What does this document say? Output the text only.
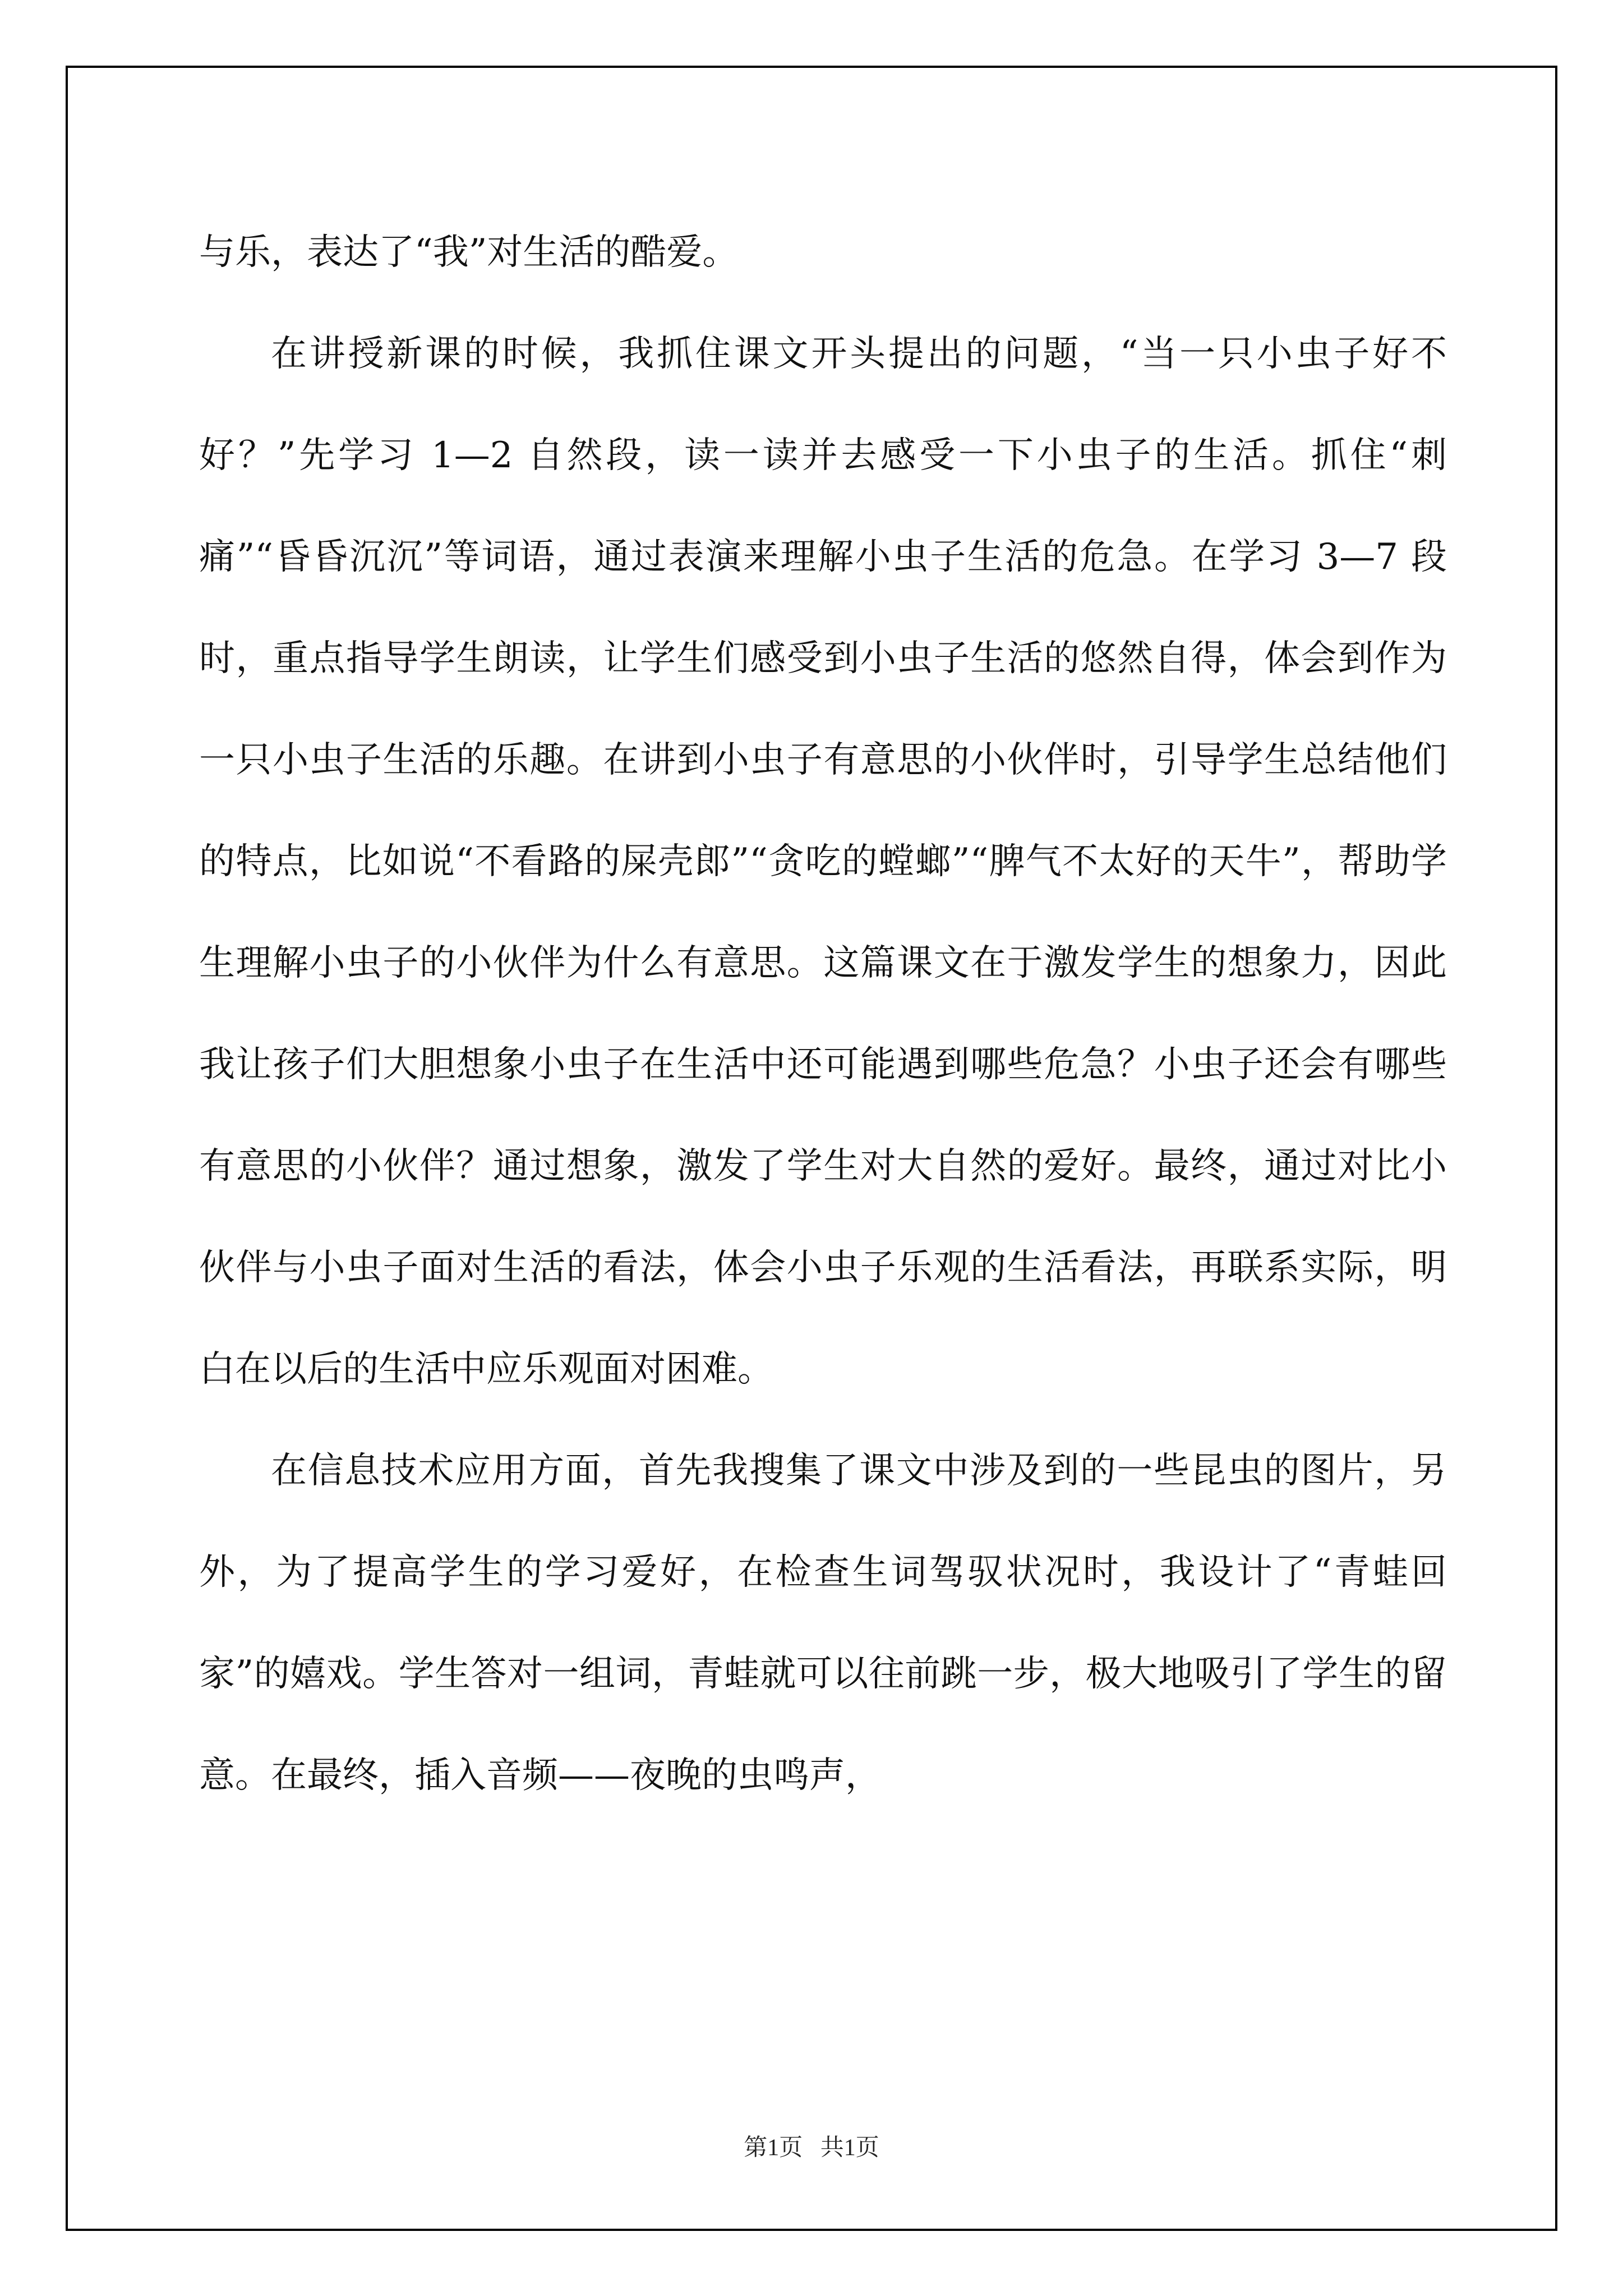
与乐，表达了“我”对生活的酷爱。

在讲授新课的时候，我抓住课文开头提出的问题，“当一只小虫子好不好？”先学习 1—2 自然段，读一读并去感受一下小虫子的生活。抓住“刺痛”“昏昏沉沉”等词语，通过表演来理解小虫子生活的危急。在学习 3—7 段时，重点指导学生朗读，让学生们感受到小虫子生活的悠然自得，体会到作为一只小虫子生活的乐趣。在讲到小虫子有意思的小伙伴时，引导学生总结他们的特点，比如说“不看路的屎壳郎”“贪吃的螳螂”“脾气不太好的天牛”，帮助学生理解小虫子的小伙伴为什么有意思。这篇课文在于激发学生的想象力，因此我让孩子们大胆想象小虫子在生活中还可能遇到哪些危急？小虫子还会有哪些有意思的小伙伴？通过想象，激发了学生对大自然的爱好。最终，通过对比小伙伴与小虫子面对生活的看法，体会小虫子乐观的生活看法，再联系实际，明白在以后的生活中应乐观面对困难。

在信息技术应用方面，首先我搜集了课文中涉及到的一些昆虫的图片，另外，为了提高学生的学习爱好，在检查生词驾驭状况时，我设计了“青蛙回家”的嬉戏。学生答对一组词，青蛙就可以往前跳一步，极大地吸引了学生的留意。在最终，插入音频——夜晚的虫鸣声，

第1页   共1页
